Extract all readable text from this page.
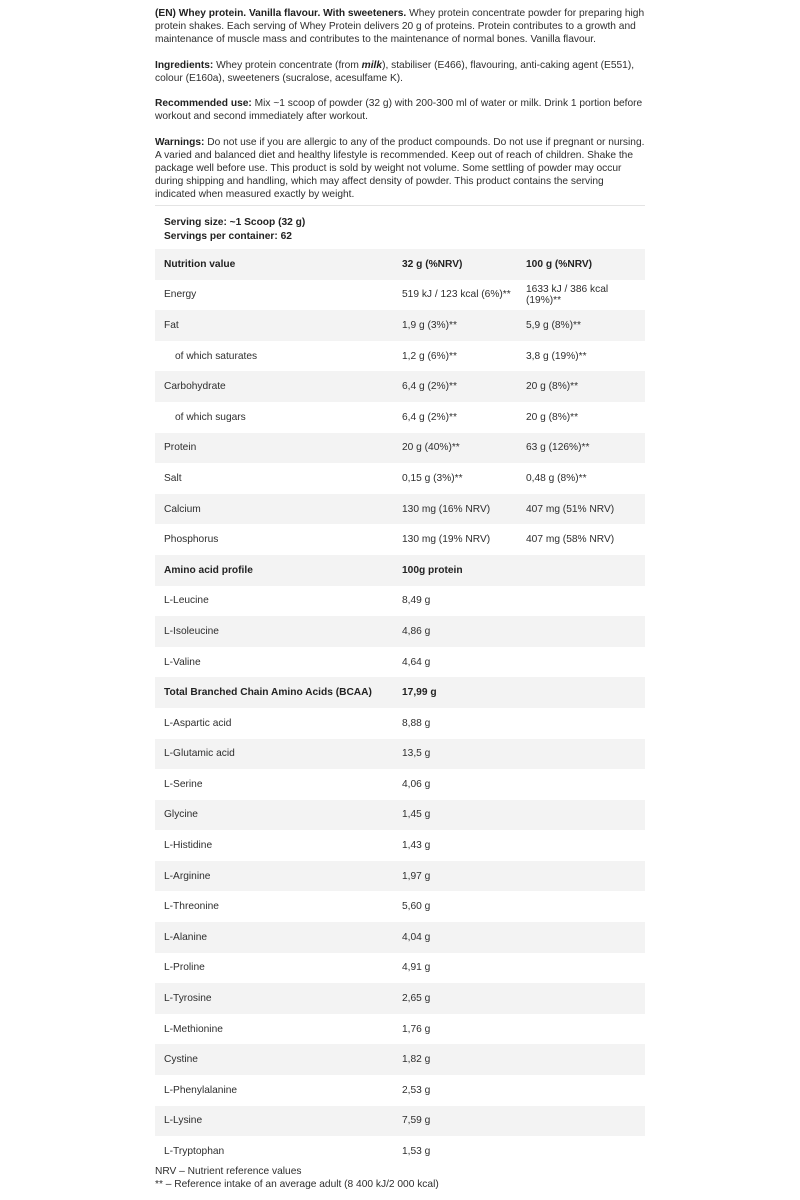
(EN) Whey protein. Vanilla flavour. With sweeteners. Whey protein concentrate powder for preparing high protein shakes. Each serving of Whey Protein delivers 20 g of proteins. Protein contributes to a growth and maintenance of muscle mass and contributes to the maintenance of normal bones. Vanilla flavour.
Ingredients: Whey protein concentrate (from milk), stabiliser (E466), flavouring, anti-caking agent (E551), colour (E160a), sweeteners (sucralose, acesulfame K).
Recommended use: Mix ~1 scoop of powder (32 g) with 200-300 ml of water or milk. Drink 1 portion before workout and second immediately after workout.
Warnings: Do not use if you are allergic to any of the product compounds. Do not use if pregnant or nursing. A varied and balanced diet and healthy lifestyle is recommended. Keep out of reach of children. Shake the package well before use. This product is sold by weight not volume. Some settling of powder may occur during shipping and handling, which may affect density of powder. This product contains the serving indicated when measured exactly by weight.
Serving size: ~1 Scoop (32 g)
Servings per container: 62
Nutrition value	32 g (%NRV)	100 g (%NRV)
Energy	519 kJ / 123 kcal (6%)**	1633 kJ / 386 kcal (19%)**
Fat	1,9 g (3%)**	5,9 g (8%)**
of which saturates	1,2 g (6%)**	3,8 g (19%)**
Carbohydrate	6,4 g (2%)**	20 g (8%)**
of which sugars	6,4 g (2%)**	20 g (8%)**
Protein	20 g (40%)**	63 g (126%)**
Salt	0,15 g (3%)**	0,48 g (8%)**
Calcium	130 mg (16% NRV)	407 mg (51% NRV)
Phosphorus	130 mg (19% NRV)	407 mg (58% NRV)
Amino acid profile	100g protein	
L-Leucine	8,49 g	
L-Isoleucine	4,86 g	
L-Valine	4,64 g	
Total Branched Chain Amino Acids (BCAA)	17,99 g	
L-Aspartic acid	8,88 g	
L-Glutamic acid	13,5 g	
L-Serine	4,06 g	
Glycine	1,45 g	
L-Histidine	1,43 g	
L-Arginine	1,97 g	
L-Threonine	5,60 g	
L-Alanine	4,04 g	
L-Proline	4,91 g	
L-Tyrosine	2,65 g	
L-Methionine	1,76 g	
Cystine	1,82 g	
L-Phenylalanine	2,53 g	
L-Lysine	7,59 g	
L-Tryptophan	1,53 g	
NRV – Nutrient reference values
** – Reference intake of an average adult (8 400 kJ/2 000 kcal)
